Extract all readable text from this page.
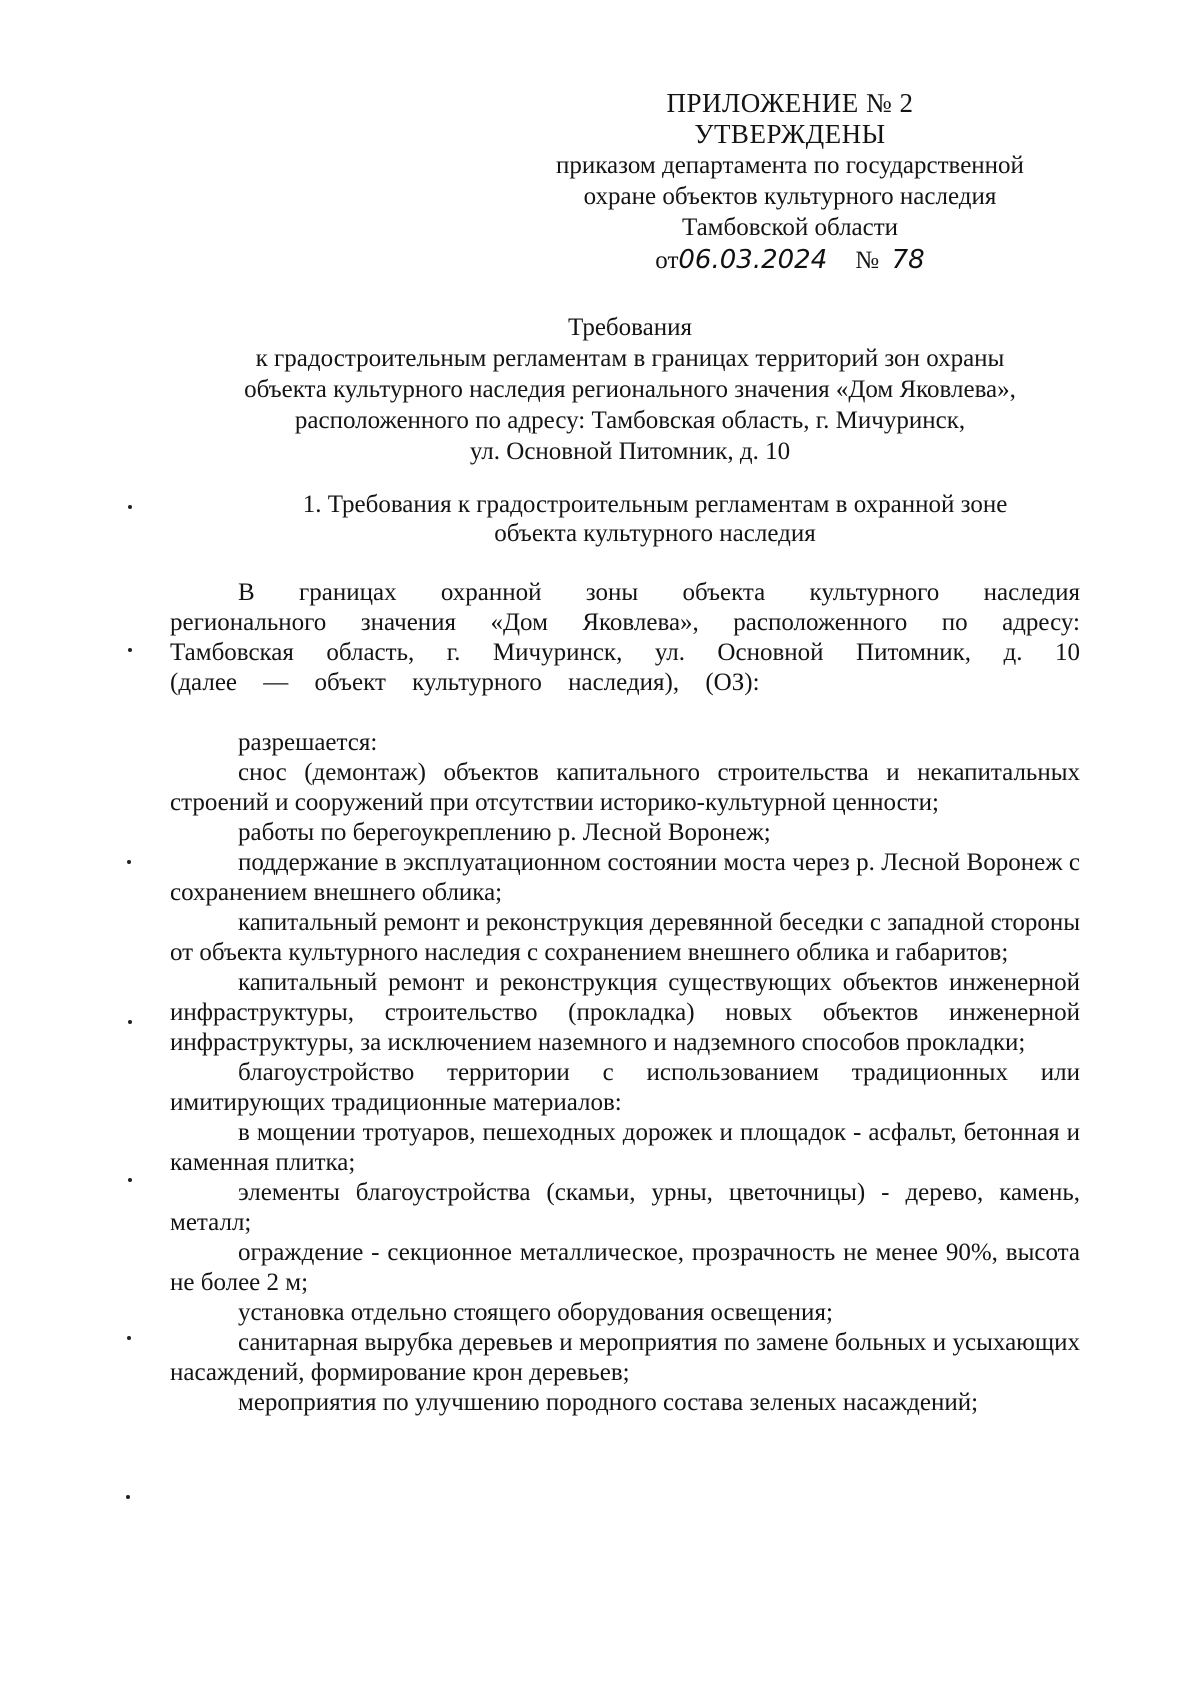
ПРИЛОЖЕНИЕ № 2
УТВЕРЖДЕНЫ
приказом департамента по государственной
охране объектов культурного наследия
Тамбовской области
от06.03.2024 № 78
Требования
к градостроительным регламентам в границах территорий зон охраны
объекта культурного наследия регионального значения «Дом Яковлева»,
расположенного по адресу: Тамбовская область, г. Мичуринск,
ул. Основной Питомник, д. 10
1. Требования к градостроительным регламентам в охранной зоне
объекта культурного наследия

В границах охранной зоны объекта культурного наследия регионального значения «Дом Яковлева», расположенного по адресу: Тамбовская область, г. Мичуринск, ул. Основной Питомник, д. 10 (далее — объект культурного наследия), (ОЗ):

разрешается:

снос (демонтаж) объектов капитального строительства и некапитальных строений и сооружений при отсутствии историко-культурной ценности;

работы по берегоукреплению р. Лесной Воронеж;

поддержание в эксплуатационном состоянии моста через р. Лесной Воронеж с сохранением внешнего облика;

капитальный ремонт и реконструкция деревянной беседки с западной стороны от объекта культурного наследия с сохранением внешнего облика и габаритов;

капитальный ремонт и реконструкция существующих объектов инженерной инфраструктуры, строительство (прокладка) новых объектов инженерной инфраструктуры, за исключением наземного и надземного способов прокладки;

благоустройство территории с использованием традиционных или имитирующих традиционные материалов:

в мощении тротуаров, пешеходных дорожек и площадок - асфальт, бетонная и каменная плитка;

элементы благоустройства (скамьи, урны, цветочницы) - дерево, камень, металл;

ограждение - секционное металлическое, прозрачность не менее 90%, высота не более 2 м;

установка отдельно стоящего оборудования освещения;

санитарная вырубка деревьев и мероприятия по замене больных и усыхающих насаждений, формирование крон деревьев;

мероприятия по улучшению породного состава зеленых насаждений;
